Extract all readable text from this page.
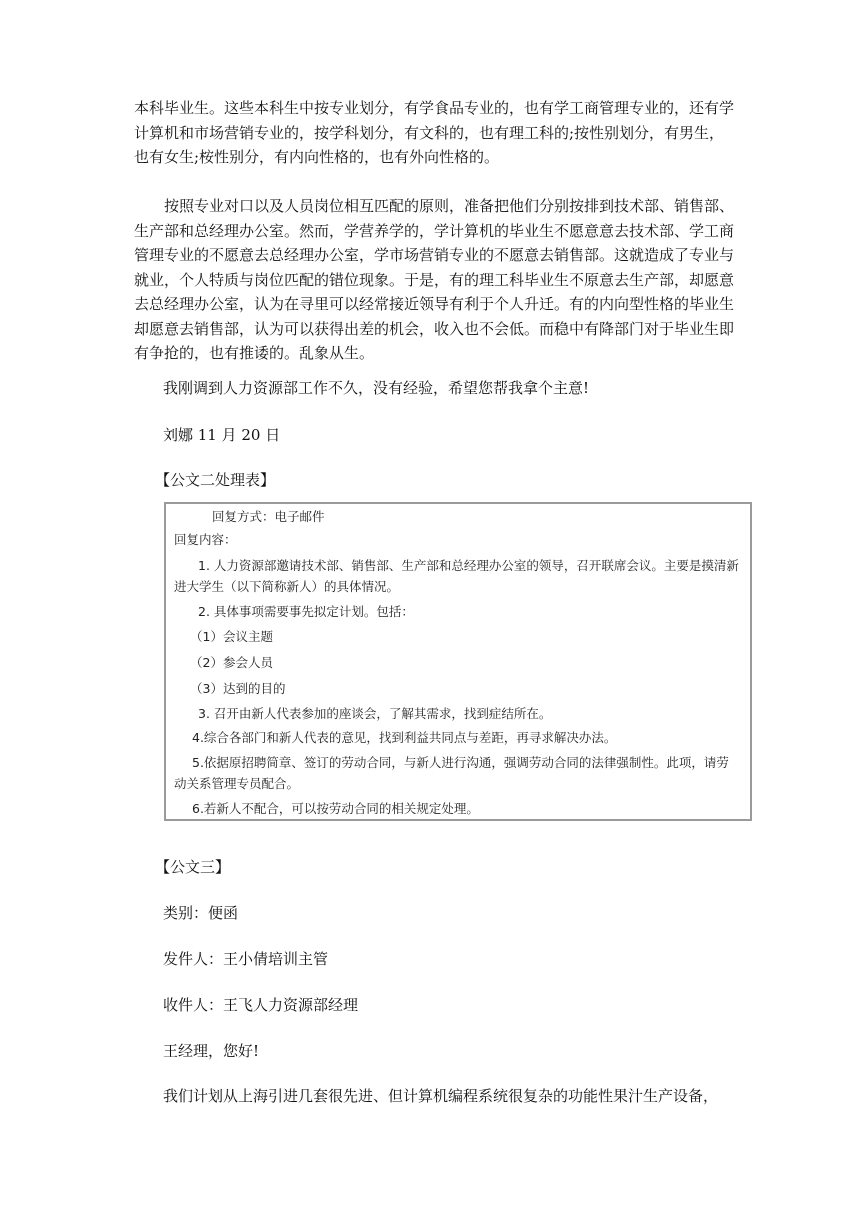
本科毕业生。这些本科生中按专业划分，有学食品专业的，也有学工商管理专业的，还有学计算机和市场营销专业的，按学科划分，有文科的，也有理工科的;按性别划分，有男生，也有女生;桉性别分，有内向性格的，也有外向性格的。

按照专业对口以及人员岗位相互匹配的原则，准备把他们分别按排到技术部、销售部、生产部和总经理办公室。然而，学营养学的，学计算机的毕业生不愿意意去技术部、学工商管理专业的不愿意去总经理办公室，学市场营销专业的不愿意去销售部。这就造成了专业与就业，个人特质与岗位匹配的错位现象。于是，有的理工科毕业生不原意去生产部，却愿意去总经理办公室，认为在寻里可以经常接近领导有利于个人升迁。有的内向型性格的毕业生却愿意去销售部，认为可以获得出差的机会，收入也不会低。而稳中有降部门对于毕业生即有争抢的，也有推诿的。乱象从生。

我刚调到人力资源部工作不久，没有经验，希望您帮我拿个主意!

刘娜 11 月 20 日

【公文二处理表】

回复方式：电子邮件

回复内容：

1. 人力资源部邀请技术部、销售部、生产部和总经理办公室的领导，召开联席会议。主要是摸清新进大学生（以下简称新人）的具体情况。

2. 具体事项需要事先拟定计划。包括：

（1）会议主题

（2）参会人员

（3）达到的目的

3. 召开由新人代表参加的座谈会，了解其需求，找到症结所在。

4.综合各部门和新人代表的意见，找到利益共同点与差距，再寻求解决办法。

5.依据原招聘简章、签订的劳动合同，与新人进行沟通，强调劳动合同的法律强制性。此项，请劳动关系管理专员配合。

6.若新人不配合，可以按劳动合同的相关规定处理。

【公文三】

类别：便函

发件人：王小倩培训主管

收件人：王飞人力资源部经理

王经理，您好!

我们计划从上海引进几套很先进、但计算机编程系统很复杂的功能性果汁生产设备，
